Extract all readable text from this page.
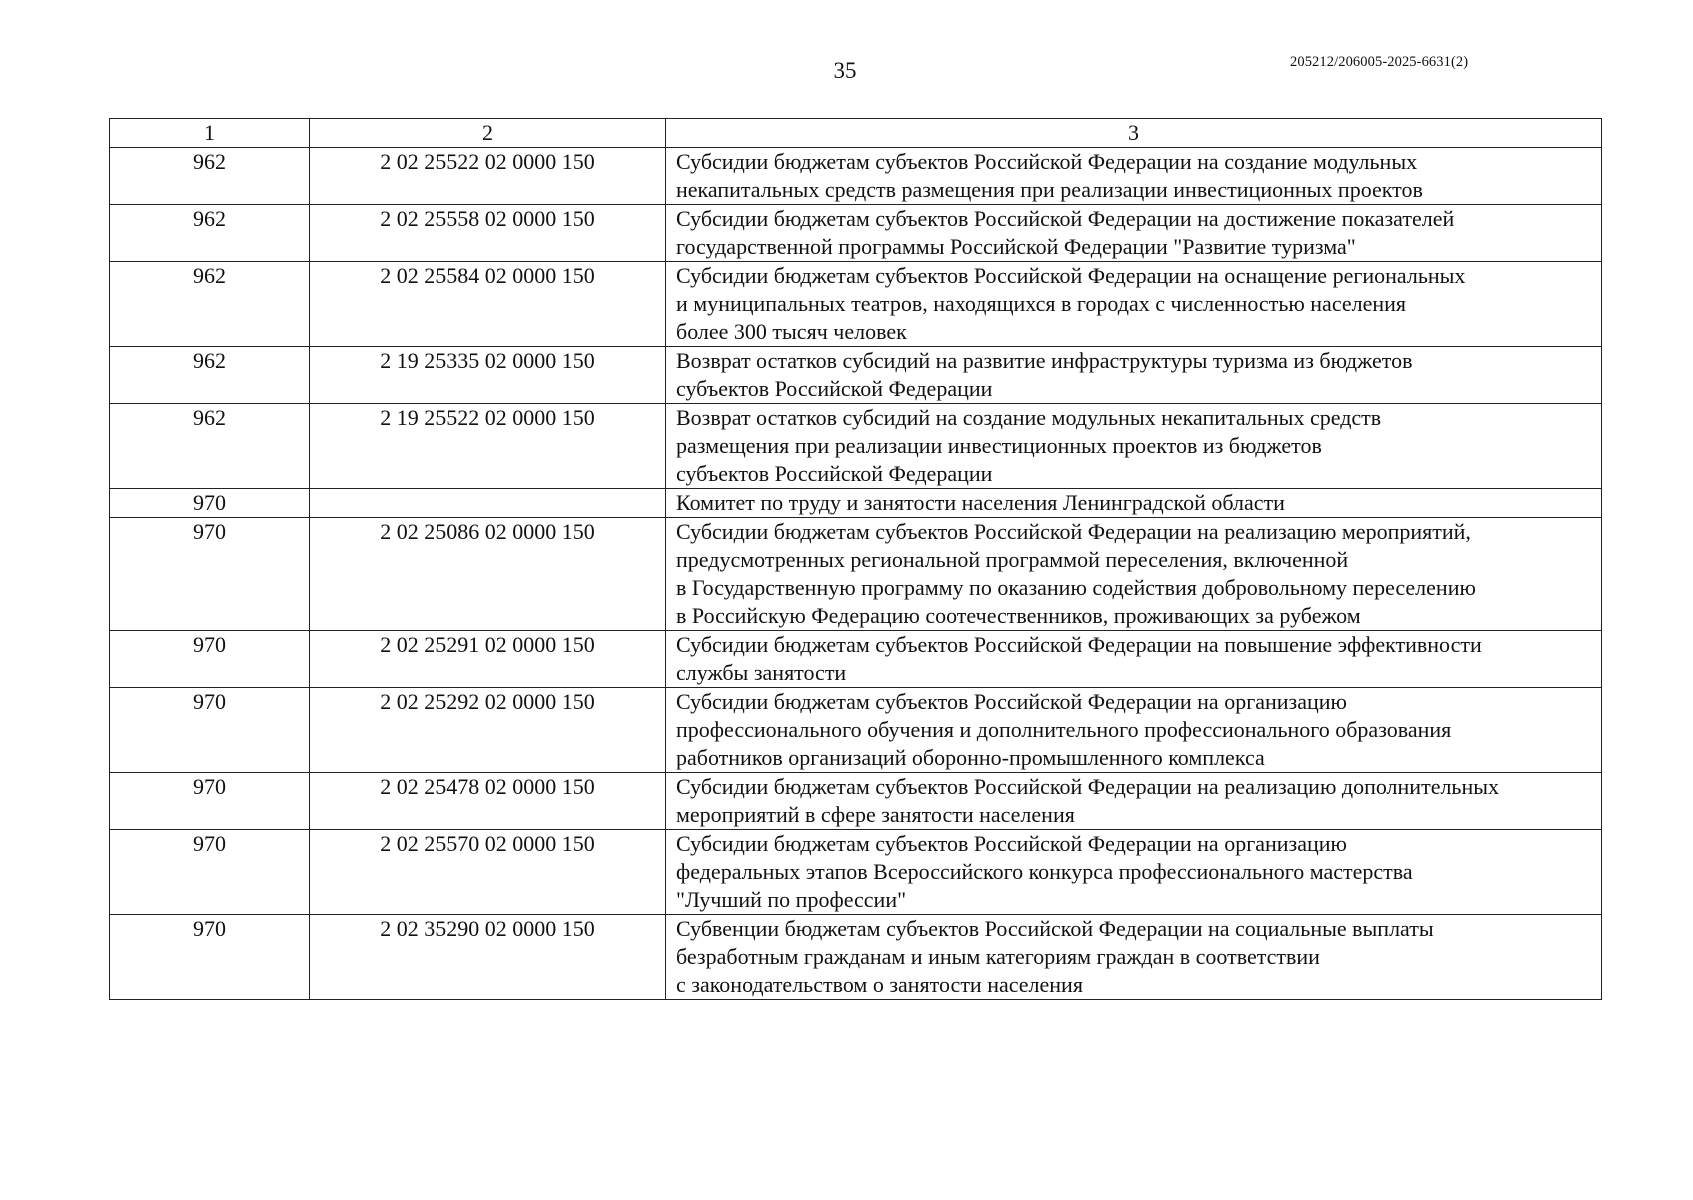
35	205212/206005-2025-6631(2)
1	2	3
962	2 02 25522 02 0000 150	Субсидии бюджетам субъектов Российской Федерации на создание модульных
некапитальных средств размещения при реализации инвестиционных проектов
962	2 02 25558 02 0000 150	Субсидии бюджетам субъектов Российской Федерации на достижение показателей
государственной программы Российской Федерации "Развитие туризма"
962	2 02 25584 02 0000 150	Субсидии бюджетам субъектов Российской Федерации на оснащение региональных
и муниципальных театров, находящихся в городах с численностью населения
более 300 тысяч человек
962	2 19 25335 02 0000 150	Возврат остатков субсидий на развитие инфраструктуры туризма из бюджетов
субъектов Российской Федерации
962	2 19 25522 02 0000 150	Возврат остатков субсидий на создание модульных некапитальных средств
размещения при реализации инвестиционных проектов из бюджетов
субъектов Российской Федерации
970		Комитет по труду и занятости населения Ленинградской области
970	2 02 25086 02 0000 150	Субсидии бюджетам субъектов Российской Федерации на реализацию мероприятий,
предусмотренных региональной программой переселения, включенной
в Государственную программу по оказанию содействия добровольному переселению
в Российскую Федерацию соотечественников, проживающих за рубежом
970	2 02 25291 02 0000 150	Субсидии бюджетам субъектов Российской Федерации на повышение эффективности
службы занятости
970	2 02 25292 02 0000 150	Субсидии бюджетам субъектов Российской Федерации на организацию
профессионального обучения и дополнительного профессионального образования
работников организаций оборонно-промышленного комплекса
970	2 02 25478 02 0000 150	Субсидии бюджетам субъектов Российской Федерации на реализацию дополнительных
мероприятий в сфере занятости населения
970	2 02 25570 02 0000 150	Субсидии бюджетам субъектов Российской Федерации на организацию
федеральных этапов Всероссийского конкурса профессионального мастерства
"Лучший по профессии"
970	2 02 35290 02 0000 150	Субвенции бюджетам субъектов Российской Федерации на социальные выплаты
безработным гражданам и иным категориям граждан в соответствии
с законодательством о занятости населения
